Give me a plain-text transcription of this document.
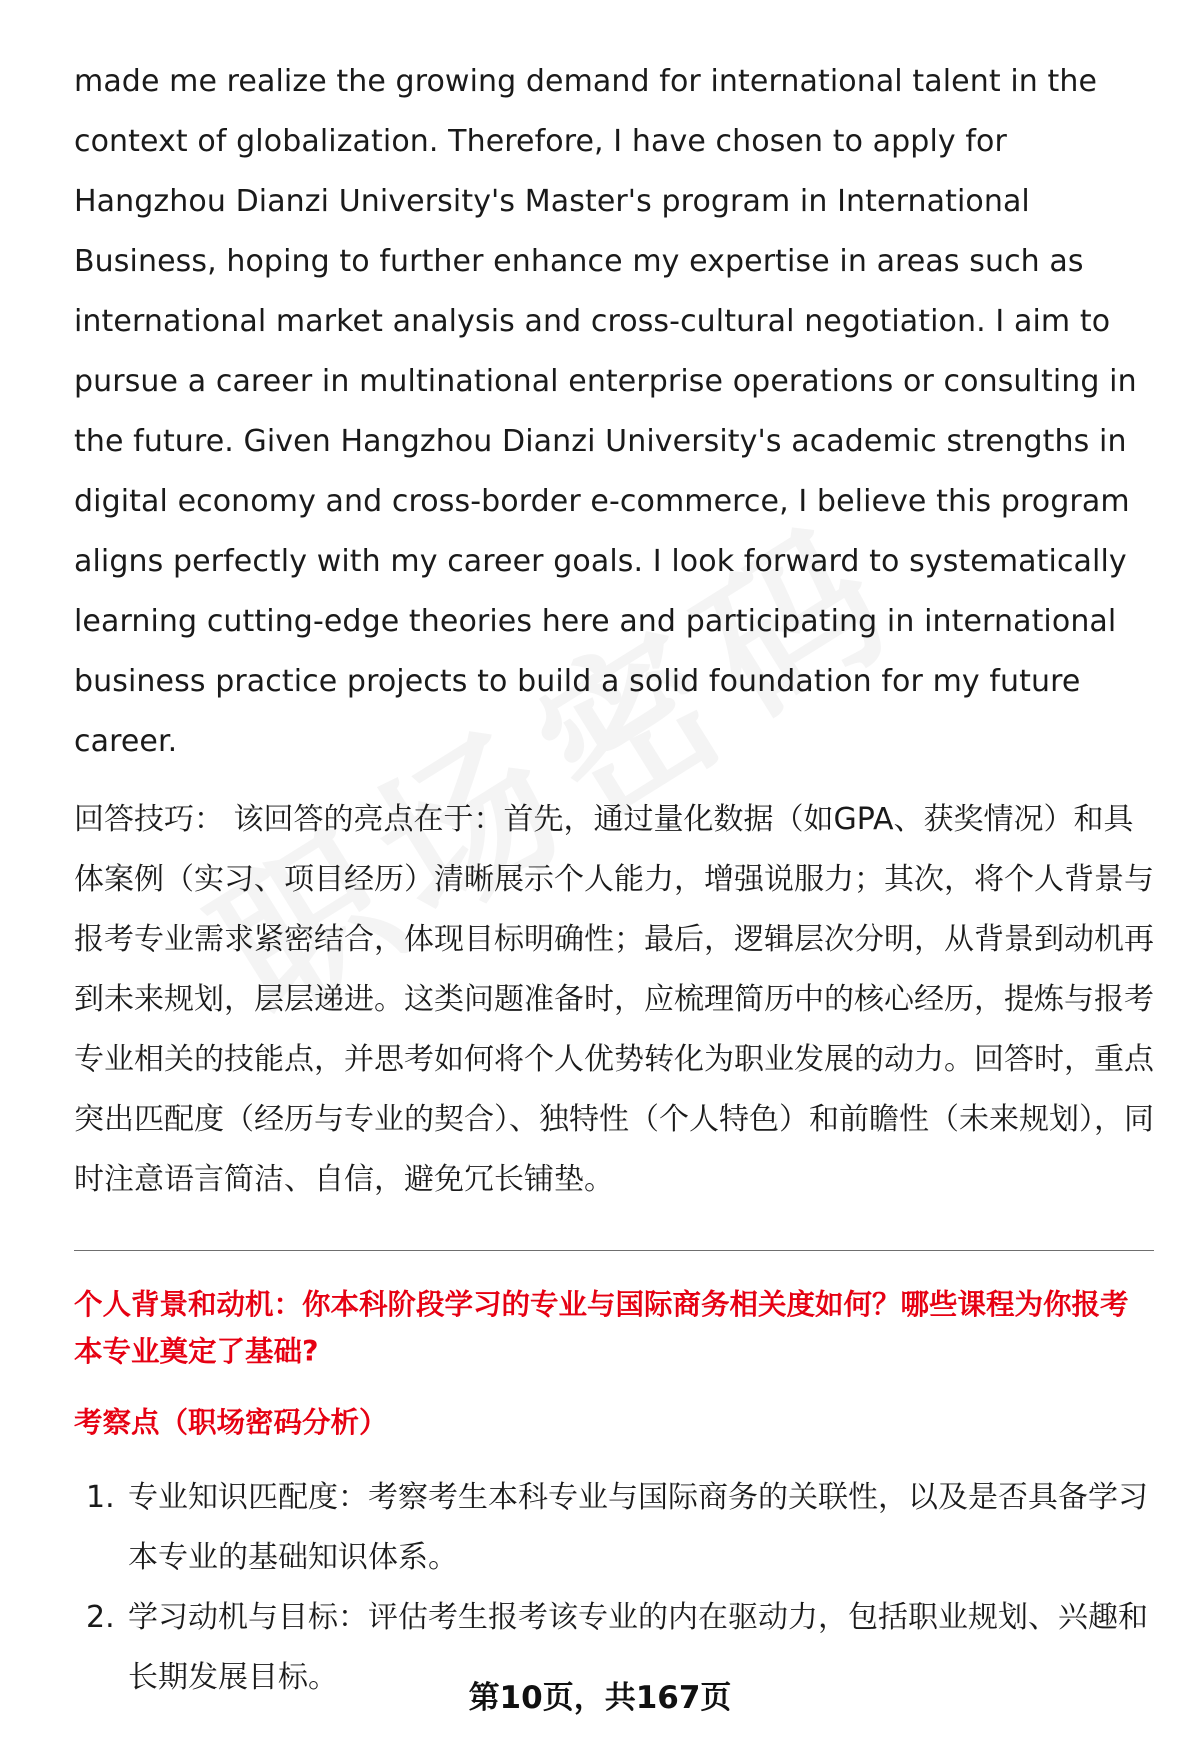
made me realize the growing demand for international talent in the context of globalization. Therefore, I have chosen to apply for Hangzhou Dianzi University's Master's program in International Business, hoping to further enhance my expertise in areas such as international market analysis and cross-cultural negotiation. I aim to pursue a career in multinational enterprise operations or consulting in the future. Given Hangzhou Dianzi University's academic strengths in digital economy and cross-border e-commerce, I believe this program aligns perfectly with my career goals. I look forward to systematically learning cutting-edge theories here and participating in international business practice projects to build a solid foundation for my future career.

回答技巧： 该回答的亮点在于：首先，通过量化数据（如GPA、获奖情况）和具体案例（实习、项目经历）清晰展示个人能力，增强说服力；其次，将个人背景与报考专业需求紧密结合，体现目标明确性；最后，逻辑层次分明，从背景到动机再到未来规划，层层递进。这类问题准备时，应梳理简历中的核心经历，提炼与报考专业相关的技能点，并思考如何将个人优势转化为职业发展的动力。回答时，重点突出匹配度（经历与专业的契合）、独特性（个人特色）和前瞻性（未来规划），同时注意语言简洁、自信，避免冗长铺垫。
个人背景和动机：你本科阶段学习的专业与国际商务相关度如何？哪些课程为你报考本专业奠定了基础?
考察点（职场密码分析）
1. 专业知识匹配度：考察考生本科专业与国际商务的关联性，以及是否具备学习本专业的基础知识体系。
2. 学习动机与目标：评估考生报考该专业的内在驱动力，包括职业规划、兴趣和长期发展目标。
第10页，共167页
